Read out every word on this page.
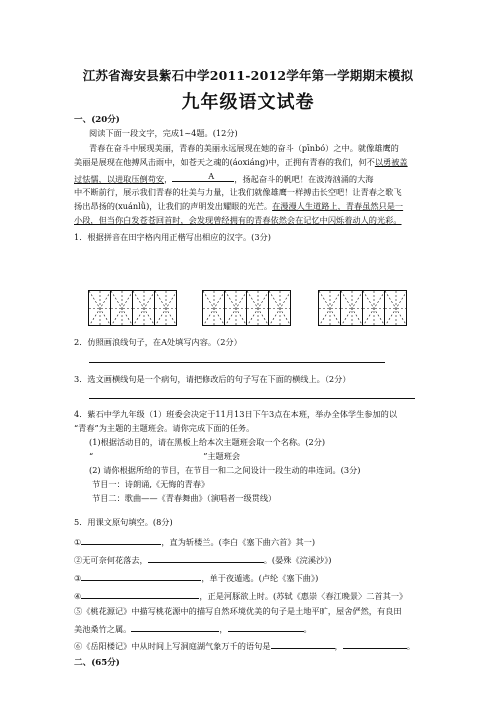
江苏省海安县紫石中学2011-2012学年第一学期期末模拟
九年级语文试卷
一、(20分)
阅读下面一段文字，完成1~4题。(12分)
青春在奋斗中展现美丽，青春的美丽永远展现在她的奋斗（pīnbó）之中。就像雄鹰的
美丽是展现在他搏风击雨中，如苍天之魂的(áoxiáng)中，正拥有青春的我们，何不以勇被盖
过怯懦，以进取压倒苟安，	A ，扬起奋斗的帆吧！在波涛汹涌的大海
中不断前行，展示我们青春的壮美与力量，让我们就像雄鹰一样搏击长空吧！让青春之歌飞
扬出昂扬的(xuánlǜ)，让我们的声明发出耀眼的光芒。在漫漫人生道路上，青春虽然只是一
小段，但当你白发苍苍回首时，会发现曾经拥有的青春依然会在记忆中闪烁着动人的光彩。
1．根据拼音在田字格内用正楷写出相应的汉字。(3分)
2．仿照画浪线句子，在A处填写内容。（2分）
3．选文画横线句是一个病句，请把修改后的句子写在下面的横线上。（2分）
4．紫石中学九年级（1）班委会决定于11月13日下午3点在本班，举办全体学生参加的以
“青春”为主题的主题班会。请你完成下面的任务。
(1)根据活动目的，请在黑板上给本次主题班会取一个名称。(2分)
“	”主题班会
(2) 请你根据所给的节目，在节目一和二之间设计一段生动的串连词。(3分)
节目一：诗朗诵,《无悔的青春》
节目二：歌曲——《青春舞曲》（演唱者一级贯线）
5．用课文原句填空。(8分)
①	，直为斩楼兰。(李白《塞下曲六首》其一)
②无可奈何花落去，	。(晏殊《浣溪沙》)
③	，单于夜遁逃。(卢纶《塞下曲》)
④	，正是河豚欲上时。(苏轼《惠崇〈春江晚景〉二首其一》
⑤《桃花源记》中描写桃花源中的描写自然环境优美的句子是土地平旷，屋舍俨然，有良田
美池桑竹之属。	，	。
⑥《岳阳楼记》中从时间上写洞庭湖气象万千的语句是	，	。
二、(65分)
